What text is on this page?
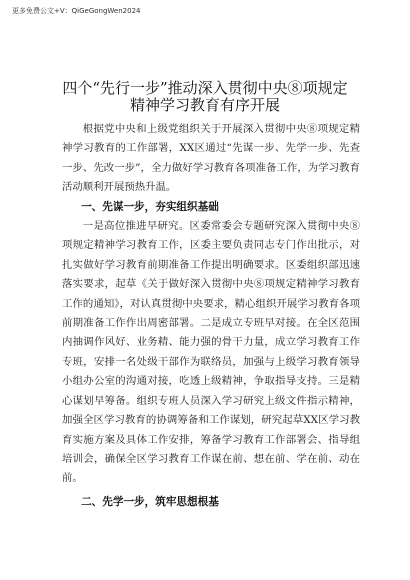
更多免费公文+V：QiGeGongWen2024
四个“先行一步”推动深入贯彻中央⑧项规定
精神学习教育有序开展

根据党中央和上级党组织关于开展深入贯彻中央⑧项规定精神学习教育的工作部署，XX区通过“先谋一步、先学一步、先查一步、先改一步”，全力做好学习教育各项准备工作，为学习教育活动顺利开展预热升温。

一、先谋一步，夯实组织基础

一是高位推进早研究。区委常委会专题研究深入贯彻中央⑧项规定精神学习教育工作，区委主要负责同志专门作出批示，对扎实做好学习教育前期准备工作提出明确要求。区委组织部迅速落实要求，起草《关于做好深入贯彻中央⑧项规定精神学习教育工作的通知》，对认真贯彻中央要求，精心组织开展学习教育各项前期准备工作作出周密部署。二是成立专班早对接。在全区范围内抽调作风好、业务精、能力强的骨干力量，成立学习教育工作专班，安排一名处级干部作为联络员，加强与上级学习教育领导小组办公室的沟通对接，吃透上级精神，争取指导支持。三是精心谋划早筹备。组织专班人员深入学习研究上级文件指示精神，加强全区学习教育的协调筹备和工作谋划，研究起草XX区学习教育实施方案及具体工作安排，筹备学习教育工作部署会、指导组培训会，确保全区学习教育工作谋在前、想在前、学在前、动在前。

二、先学一步，筑牢思想根基
